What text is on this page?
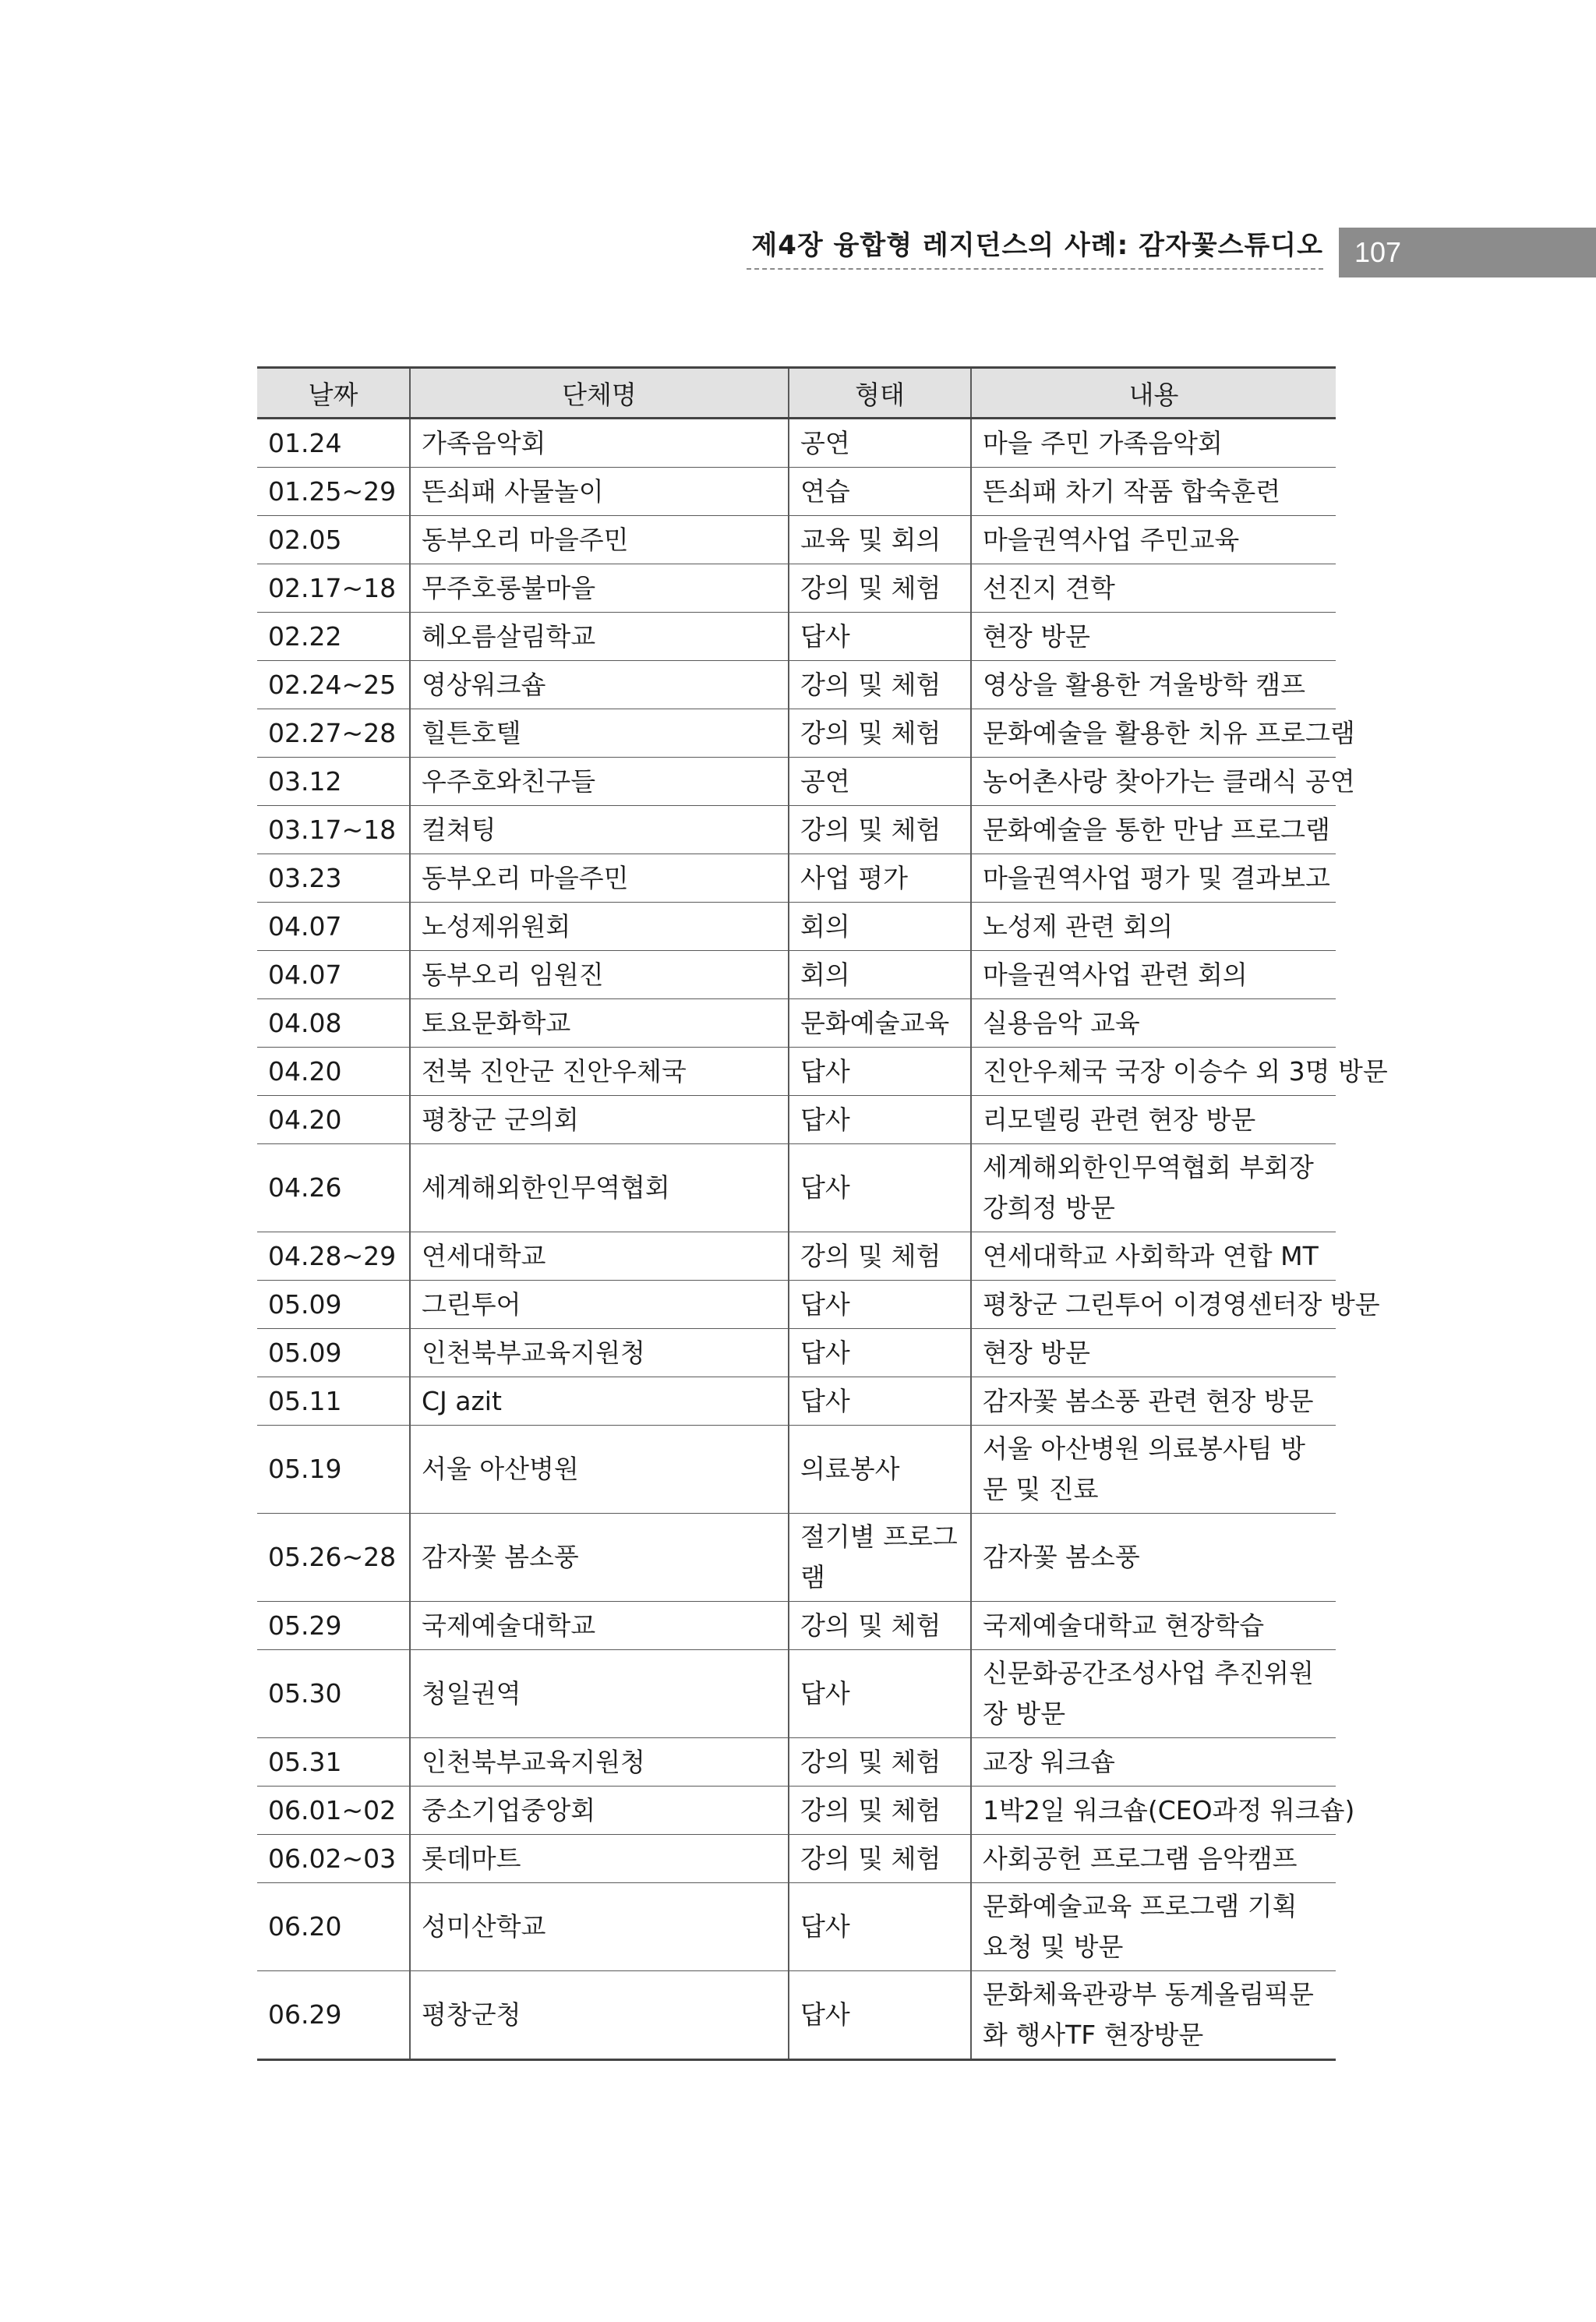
제4장 융합형 레지던스의 사례: 감자꽃스튜디오	107
날짜	단체명	형태	내용
01.24	가족음악회	공연	마을 주민 가족음악회
01.25~29	뜬쇠패 사물놀이	연습	뜬쇠패 차기 작품 합숙훈련
02.05	동부오리 마을주민	교육 및 회의	마을권역사업 주민교육
02.17~18	무주호롱불마을	강의 및 체험	선진지 견학
02.22	헤오름살림학교	답사	현장 방문
02.24~25	영상워크숍	강의 및 체험	영상을 활용한 겨울방학 캠프
02.27~28	힐튼호텔	강의 및 체험	문화예술을 활용한 치유 프로그램
03.12	우주호와친구들	공연	농어촌사랑 찾아가는 클래식 공연
03.17~18	컬쳐팅	강의 및 체험	문화예술을 통한 만남 프로그램
03.23	동부오리 마을주민	사업 평가	마을권역사업 평가 및 결과보고
04.07	노성제위원회	회의	노성제 관련 회의
04.07	동부오리 임원진	회의	마을권역사업 관련 회의
04.08	토요문화학교	문화예술교육	실용음악 교육
04.20	전북 진안군 진안우체국	답사	진안우체국 국장 이승수 외 3명 방문
04.20	평창군 군의회	답사	리모델링 관련 현장 방문
04.26	세계해외한인무역협회	답사	세계해외한인무역협회 부회장 강희정 방문
04.28~29	연세대학교	강의 및 체험	연세대학교 사회학과 연합 MT
05.09	그린투어	답사	평창군 그린투어 이경영센터장 방문
05.09	인천북부교육지원청	답사	현장 방문
05.11	CJ azit	답사	감자꽃 봄소풍 관련 현장 방문
05.19	서울 아산병원	의료봉사	서울 아산병원 의료봉사팀 방문 및 진료
05.26~28	감자꽃 봄소풍	절기별 프로그램	감자꽃 봄소풍
05.29	국제예술대학교	강의 및 체험	국제예술대학교 현장학습
05.30	청일권역	답사	신문화공간조성사업 추진위원장 방문
05.31	인천북부교육지원청	강의 및 체험	교장 워크숍
06.01~02	중소기업중앙회	강의 및 체험	1박2일 워크숍(CEO과정 워크숍)
06.02~03	롯데마트	강의 및 체험	사회공헌 프로그램 음악캠프
06.20	성미산학교	답사	문화예술교육 프로그램 기획 요청 및 방문
06.29	평창군청	답사	문화체육관광부 동계올림픽문화 행사TF 현장방문
